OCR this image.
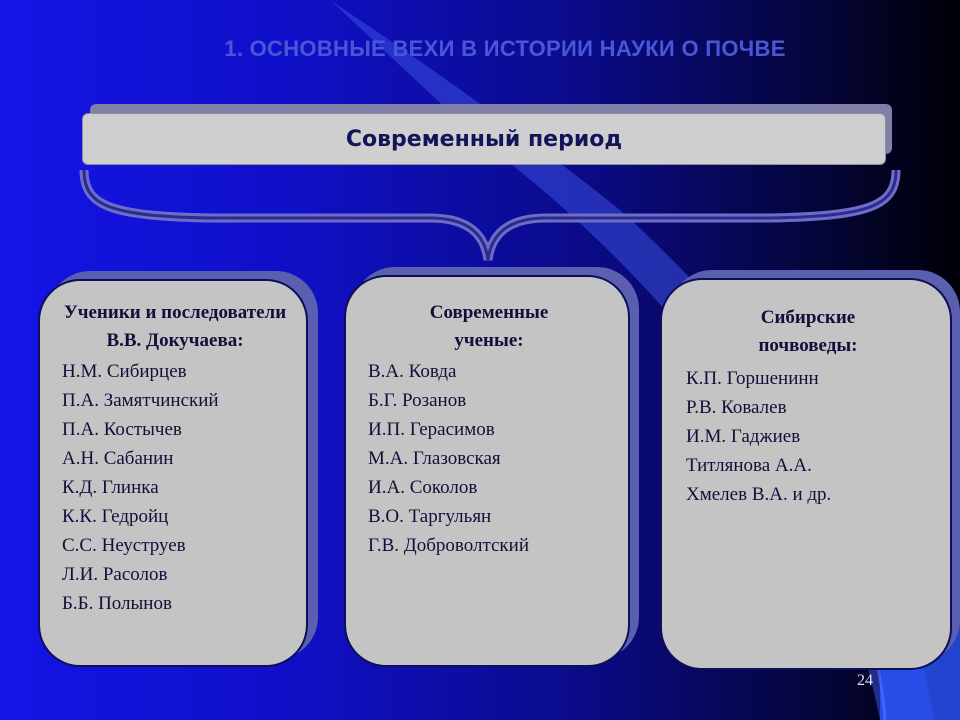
1. ОСНОВНЫЕ ВЕХИ В ИСТОРИИ НАУКИ О ПОЧВЕ
Современный период
Ученики и последователи В.В. Докучаева:
Н.М. Сибирцев
П.А. Замятчинский
П.А. Костычев
А.Н. Сабанин
К.Д. Глинка
К.К. Гедройц
С.С. Неуструев
Л.И. Расолов
Б.Б. Полынов
Современные ученые:
В.А. Ковда
Б.Г. Розанов
И.П. Герасимов
М.А. Глазовская
И.А. Соколов
В.О. Таргульян
Г.В. Доброволтский
Сибирские почвоведы:
К.П. Горшенинн
Р.В. Ковалев
И.М. Гаджиев
Титлянова А.А.
Хмелев В.А. и др.
24
